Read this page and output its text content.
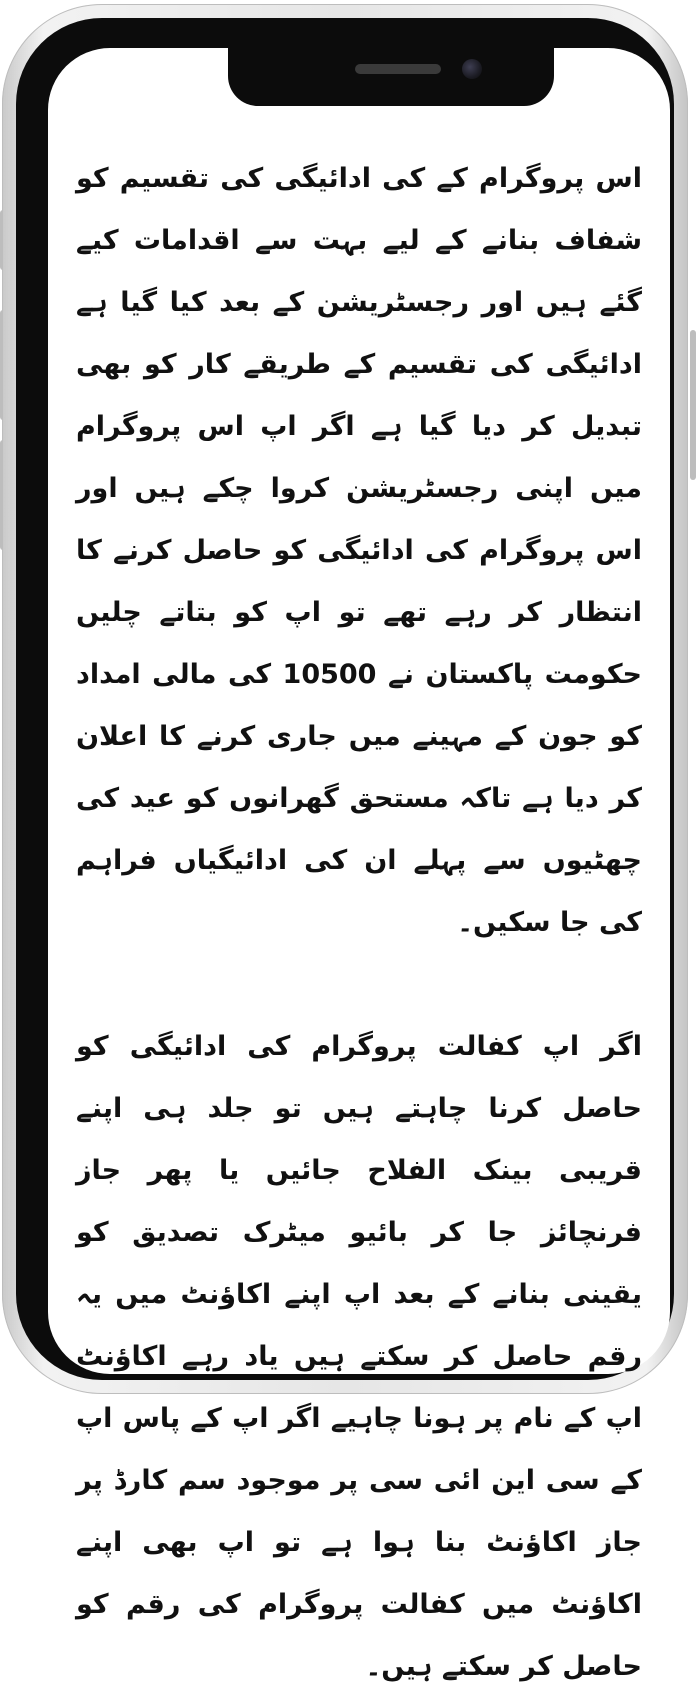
اس پروگرام کے کی ادائیگی کی تقسیم کو شفاف بنانے کے لیے بہت سے اقدامات کیے گئے ہیں اور رجسٹریشن کے بعد کیا گیا ہے ادائیگی کی تقسیم کے طریقے کار کو بھی تبدیل کر دیا گیا ہے اگر اپ اس پروگرام میں اپنی رجسٹریشن کروا چکے ہیں اور اس پروگرام کی ادائیگی کو حاصل کرنے کا انتظار کر رہے تھے تو اپ کو بتاتے چلیں حکومت پاکستان نے 10500 کی مالی امداد کو جون کے مہینے میں جاری کرنے کا اعلان کر دیا ہے تاکہ مستحق گھرانوں کو عید کی چھٹیوں سے پہلے ان کی ادائیگیاں فراہم کی جا سکیں۔

اگر اپ کفالت پروگرام کی ادائیگی کو حاصل کرنا چاہتے ہیں تو جلد ہی اپنے قریبی بینک الفلاح جائیں یا پھر جاز فرنچائز جا کر بائیو میٹرک تصدیق کو یقینی بنانے کے بعد اپ اپنے اکاؤنٹ میں یہ رقم حاصل کر سکتے ہیں یاد رہے اکاؤنٹ اپ کے نام پر ہونا چاہیے اگر اپ کے پاس اپ کے سی این ائی سی پر موجود سم کارڈ پر جاز اکاؤنٹ بنا ہوا ہے تو اپ بھی اپنے اکاؤنٹ میں کفالت پروگرام کی رقم کو حاصل کر سکتے ہیں۔
